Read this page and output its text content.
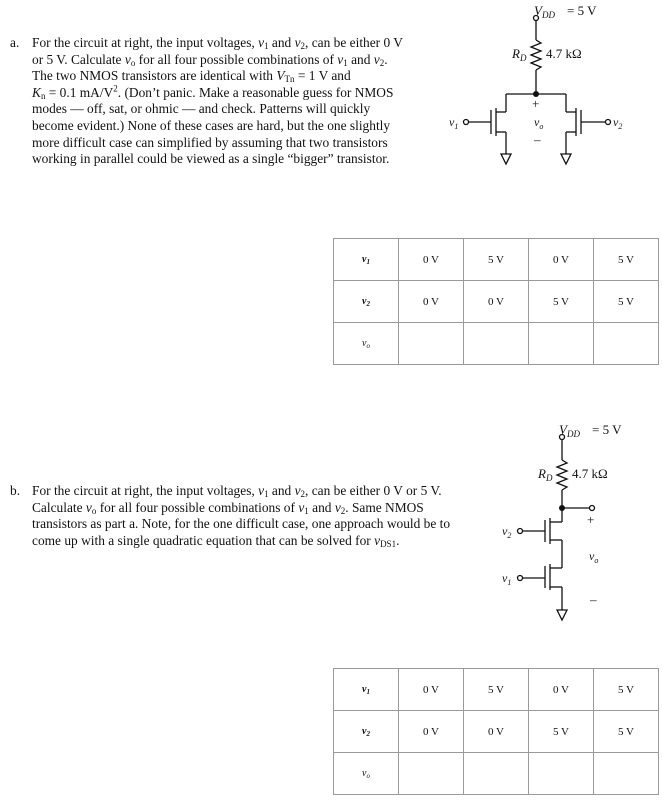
a. For the circuit at right, the input voltages, $v_1$ and $v_2$, can be either 0 V
or 5 V. Calculate $v_o$ for all four possible combinations of $v_1$ and $v_2$.
The two NMOS transistors are identical with $V_{Tn} = 1$ V and
$K_n = 0.1$ $mA/V^2$. (Don’t panic. Make a reasonable guess for NMOS
modes — off, sat, or ohmic — and check. Patterns will quickly
become evident.) None of these cases are hard, but the one slightly
more difficult case can simplified by assuming that two transistors
working in parallel could be viewed as a single “bigger” transistor.
$V_{DD} = 5$ V
$R_D$ 4.7 kΩ
$v_1$	$v_2$
+
$v_o$
–
$v_1$	0 V	5 V	0 V	5 V
$v_2$	0 V	0 V	5 V	5 V
$v_o$				
b. For the circuit at right, the input voltages, $v_1$ and $v_2$, can be either 0 V or 5 V.
Calculate $v_o$ for all four possible combinations of $v_1$ and $v_2$. Same NMOS
transistors as part a. Note, for the one difficult case, one approach would be to
come up with a single quadratic equation that can be solved for $v_{DS1}$.
$V_{DD} = 5$ V
$R_D$ 4.7 kΩ
+
$v_o$
–
$v_2$
$v_1$
$v_1$	0 V	5 V	0 V	5 V
$v_2$	0 V	0 V	5 V	5 V
$v_o$				
